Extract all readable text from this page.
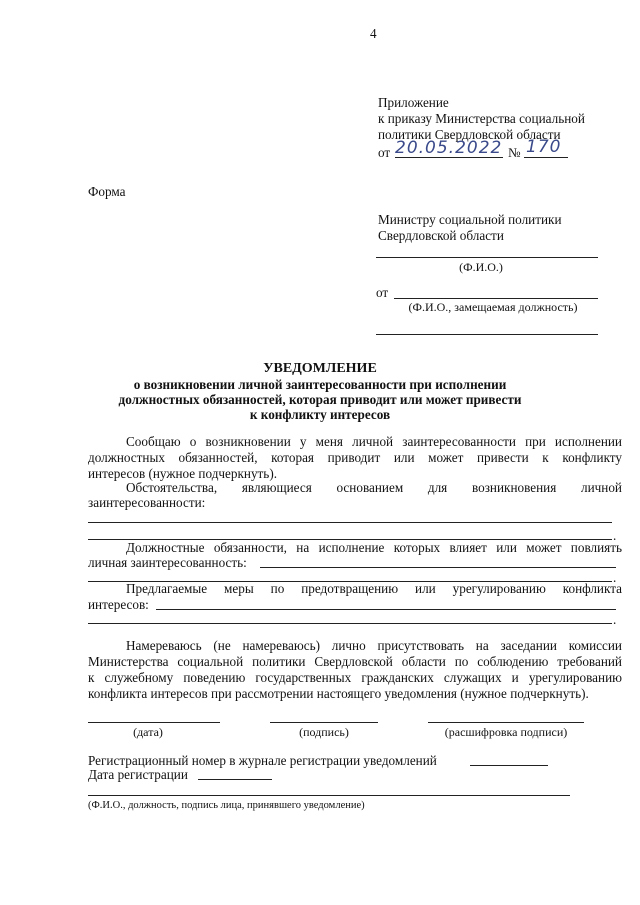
4
Приложение
к приказу Министерства социальной
политики Свердловской области
от 20.05.2022 № 170
Форма
Министру социальной политики
Свердловской области
(Ф.И.О.)
от
(Ф.И.О., замещаемая должность)
УВЕДОМЛЕНИЕ
о возникновении личной заинтересованности при исполнении
должностных обязанностей, которая приводит или может привести
к конфликту интересов
Сообщаю о возникновении у меня личной заинтересованности при исполнении
должностных обязанностей, которая приводит или может привести к конфликту
интересов (нужное подчеркнуть).
Обстоятельства, являющиеся основанием для возникновения личной
заинтересованности:
.
Должностные обязанности, на исполнение которых влияет или может повлиять
личная заинтересованность:
.
Предлагаемые меры по предотвращению или урегулированию конфликта
интересов:
.
Намереваюсь (не намереваюсь) лично присутствовать на заседании комиссии
Министерства социальной политики Свердловской области по соблюдению требований
к служебному поведению государственных гражданских служащих и урегулированию
конфликта интересов при рассмотрении настоящего уведомления (нужное подчеркнуть).
(дата)	(подпись)	(расшифровка подписи)
Регистрационный номер в журнале регистрации уведомлений
Дата регистрации
(Ф.И.О., должность, подпись лица, принявшего уведомление)
